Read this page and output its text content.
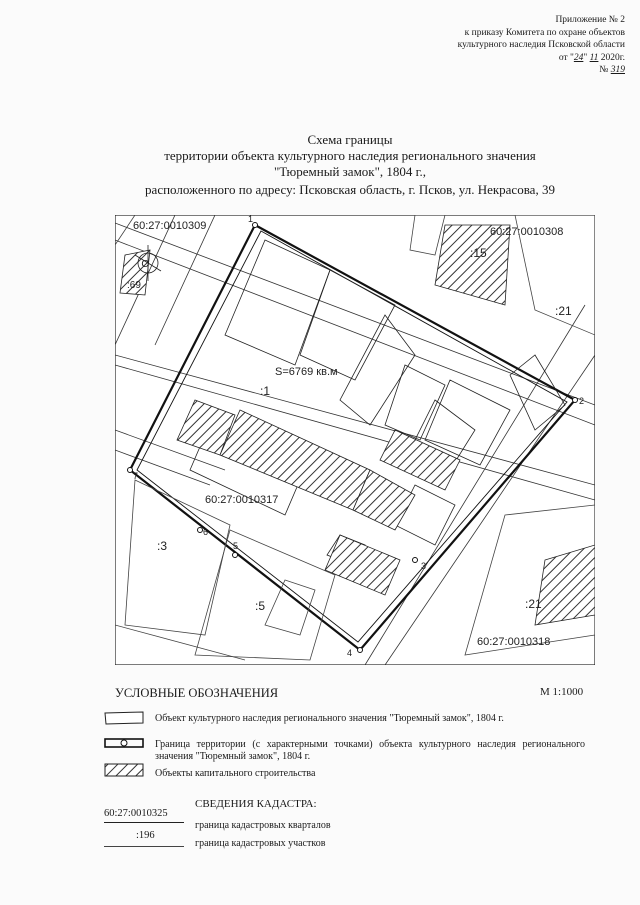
Приложение № 2
к приказу Комитета по охране объектов
культурного наследия Псковской области
от "24" 11 2020г.
№ 319
Схема границы
территории объекта культурного наследия регионального значения
"Тюремный замок", 1804 г.,
расположенного по адресу: Псковская область, г. Псков, ул. Некрасова, 39
60:27:0010309	60:27:0010308
60:27:0010317
60:27:0010318
:1
:3
:5
:15
:21
:21
:69
S=6769 кв.м
С
1
2
3
4
5
6
7
УСЛОВНЫЕ ОБОЗНАЧЕНИЯ	М 1:1000
Объект культурного наследия регионального значения "Тюремный замок", 1804 г.
Граница территории (с характерными точками) объекта культурного наследия регионального значения "Тюремный замок", 1804 г.
Объекты капитального строительства
СВЕДЕНИЯ КАДАСТРА:
60:27:0010325
граница кадастровых кварталов
:196
граница кадастровых участков
